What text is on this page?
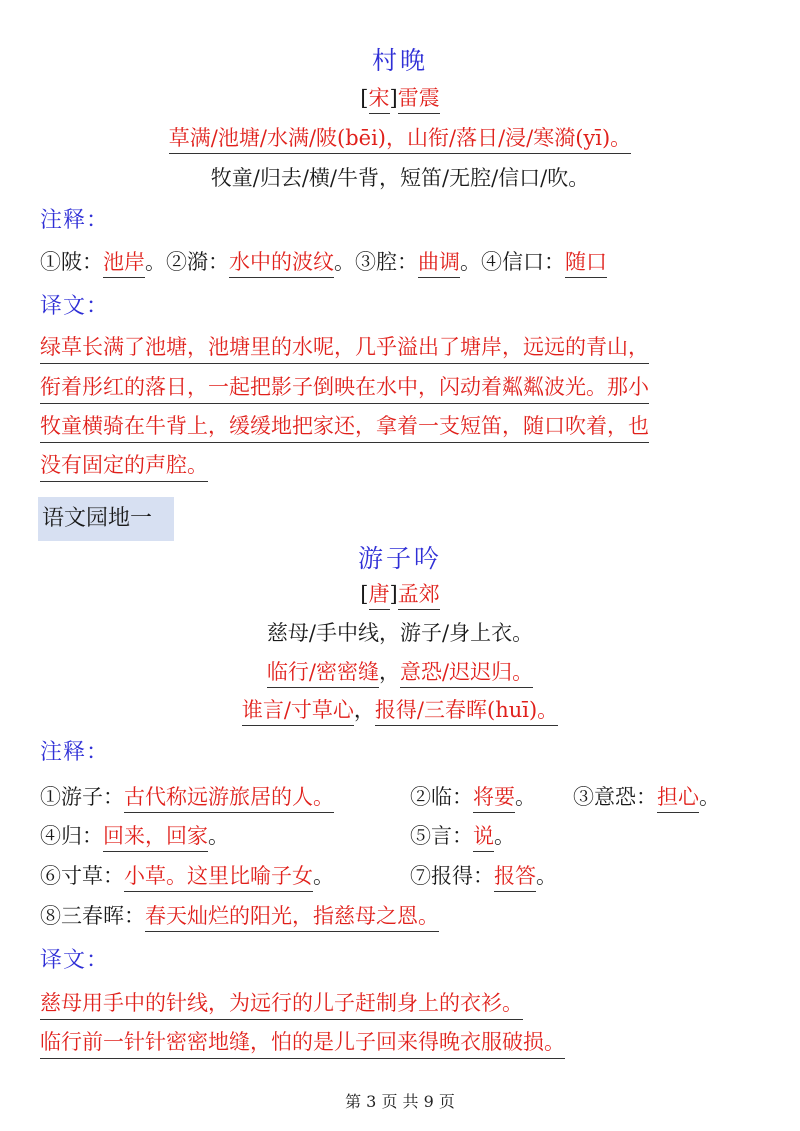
村晚
[宋]雷震
草满/池塘/水满/陂(bēi)，山衔/落日/浸/寒漪(yī)。
牧童/归去/横/牛背，短笛/无腔/信口/吹。
注释：
①陂：池岸。②漪：水中的波纹。③腔：曲调。④信口：随口
译文：
绿草长满了池塘，池塘里的水呢，几乎溢出了塘岸，远远的青山，
衔着彤红的落日，一起把影子倒映在水中，闪动着粼粼波光。那小
牧童横骑在牛背上，缓缓地把家还，拿着一支短笛，随口吹着，也
没有固定的声腔。
语文园地一
游子吟
[唐]孟郊
慈母/手中线，游子/身上衣。
临行/密密缝，意恐/迟迟归。
谁言/寸草心，报得/三春晖(huī)。
注释：
①游子：古代称远游旅居的人。	②临：将要。 ③意恐：担心。
④归：回来，回家。	⑤言：说。
⑥寸草：小草。这里比喻子女。	⑦报得：报答。
⑧三春晖：春天灿烂的阳光，指慈母之恩。
译文：
慈母用手中的针线，为远行的儿子赶制身上的衣衫。
临行前一针针密密地缝，怕的是儿子回来得晚衣服破损。
第 3 页 共 9 页
